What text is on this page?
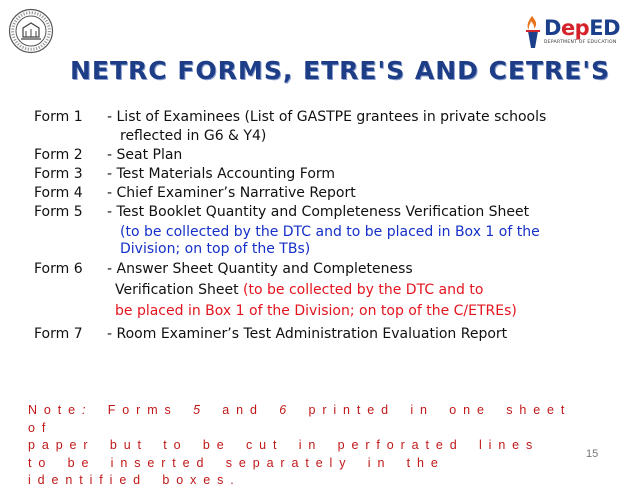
DepED
DEPARTMENT OF EDUCATION
NETRC FORMS, ETRE'S AND CETRE'S
Form 1	- List of Examinees (List of GASTPE grantees in private schools
reflected in G6 & Y4)
Form 2	- Seat Plan
Form 3	- Test Materials Accounting Form
Form 4	- Chief Examiner’s Narrative Report
Form 5	- Test Booklet Quantity and Completeness Verification Sheet
(to be collected by the DTC and to be placed in Box 1 of the
Division; on top of the TBs)
Form 6	- Answer Sheet Quantity and Completeness
Verification Sheet (to be collected by the DTC and to
be placed in Box 1 of the Division; on top of the C/ETREs)
Form 7	- Room Examiner’s Test Administration Evaluation Report
Note: Forms 5 and 6 printed in one sheet of
paper but to be cut in perforated lines
to be inserted separately in the
identified boxes.
15
